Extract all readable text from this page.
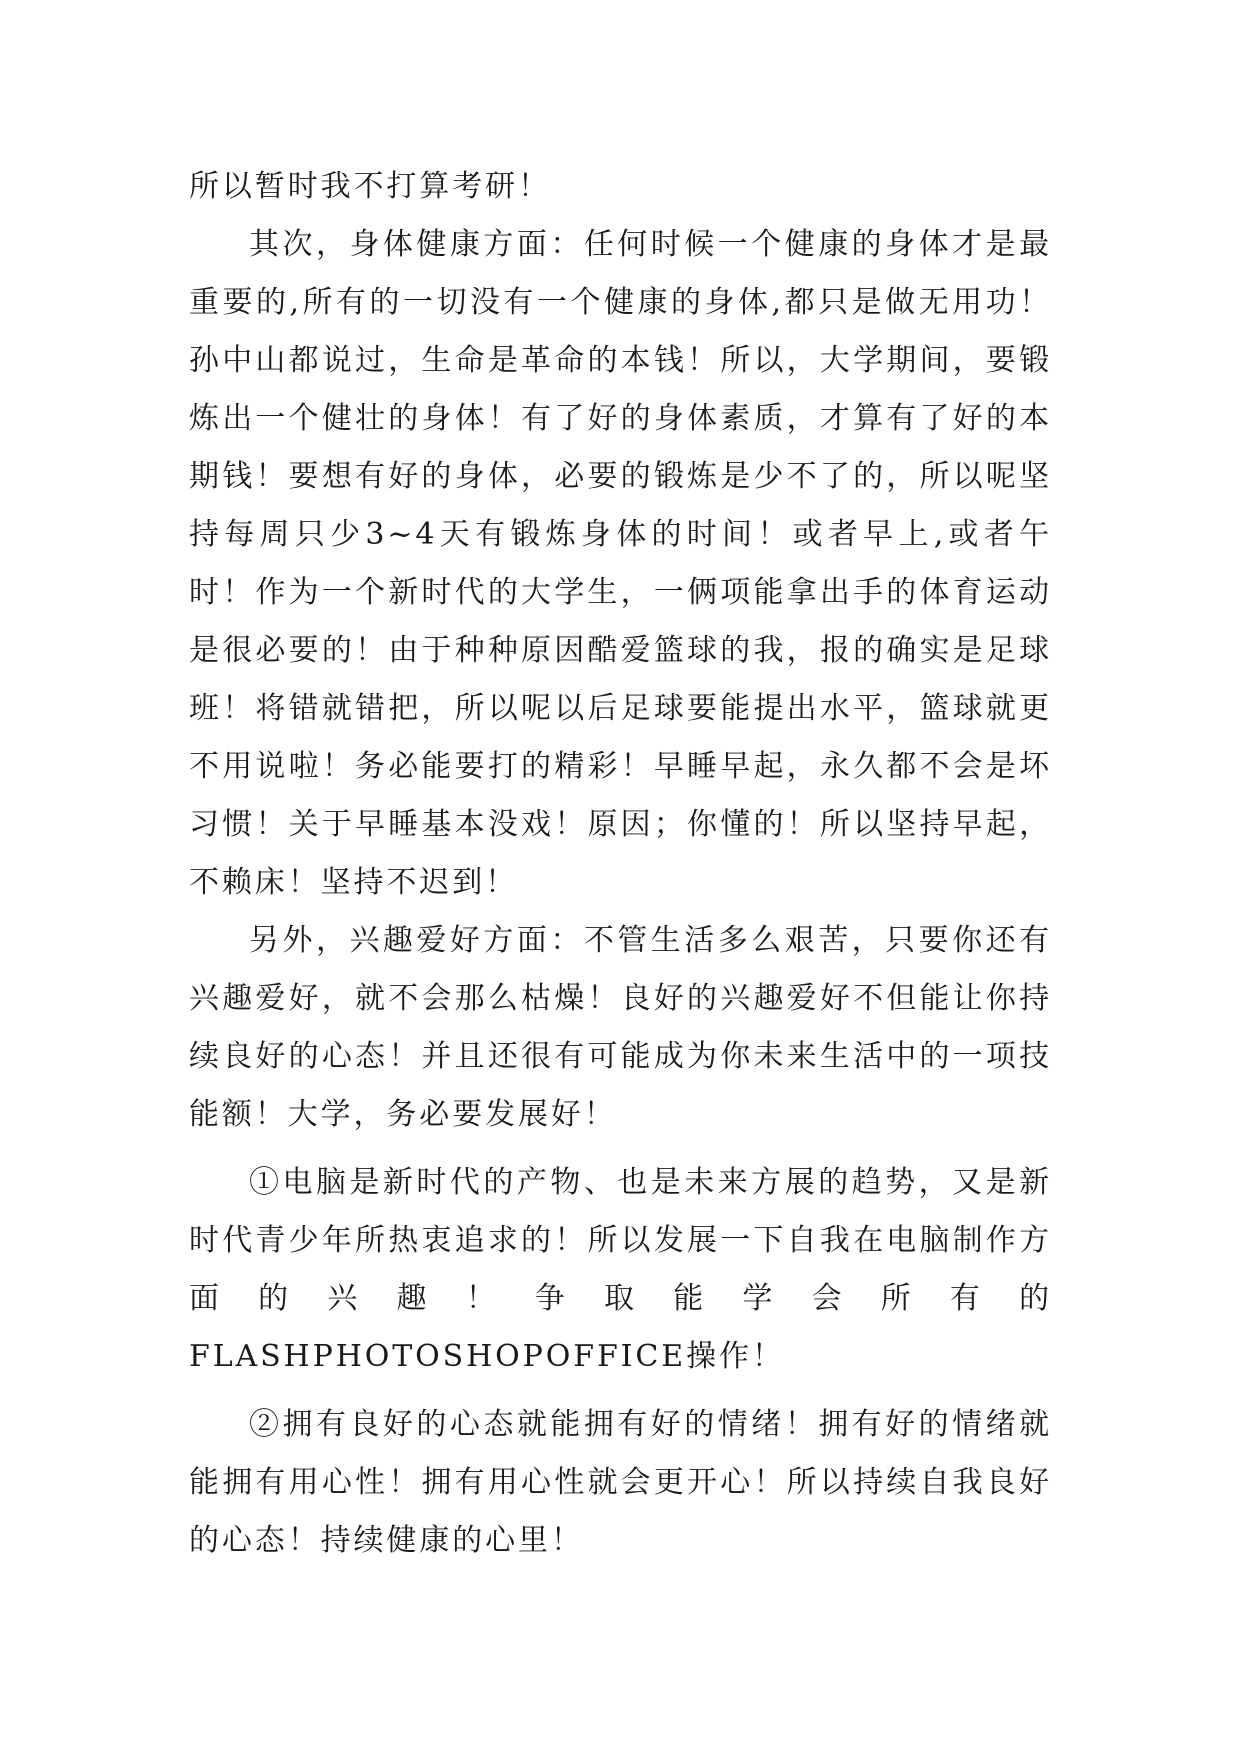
所以暂时我不打算考研！

其次，身体健康方面：任何时候一个健康的身体才是最重要的,所有的一切没有一个健康的身体,都只是做无用功！孙中山都说过，生命是革命的本钱！所以，大学期间，要锻炼出一个健壮的身体！有了好的身体素质，才算有了好的本期钱！要想有好的身体，必要的锻炼是少不了的，所以呢坚持每周只少3~4天有锻炼身体的时间！或者早上,或者午时！作为一个新时代的大学生，一俩项能拿出手的体育运动是很必要的！由于种种原因酷爱篮球的我，报的确实是足球班！将错就错把，所以呢以后足球要能提出水平，篮球就更不用说啦！务必能要打的精彩！早睡早起，永久都不会是坏习惯！关于早睡基本没戏！原因；你懂的！所以坚持早起，不赖床！坚持不迟到！

另外，兴趣爱好方面：不管生活多么艰苦，只要你还有兴趣爱好，就不会那么枯燥！良好的兴趣爱好不但能让你持续良好的心态！并且还很有可能成为你未来生活中的一项技能额！大学，务必要发展好！

①电脑是新时代的产物、也是未来方展的趋势，又是新时代青少年所热衷追求的！所以发展一下自我在电脑制作方面的兴趣！争取能学会所有的FLASHPHOTOSHOPOFFICE操作！

②拥有良好的心态就能拥有好的情绪！拥有好的情绪就能拥有用心性！拥有用心性就会更开心！所以持续自我良好的心态！持续健康的心里！
